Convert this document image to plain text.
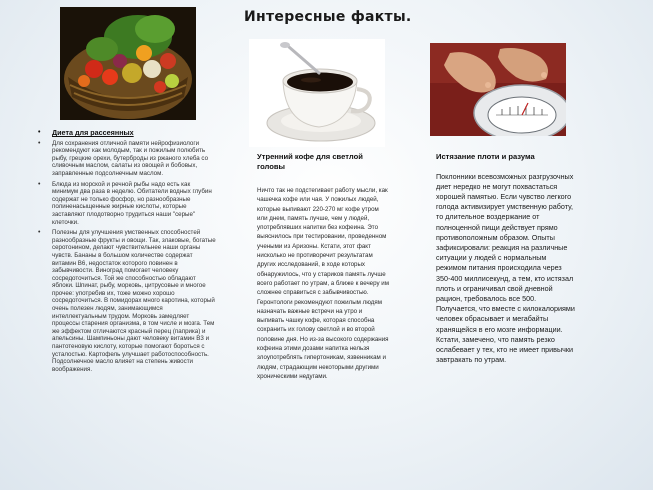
Интересные факты.
• Диета для рассеянных
• Для сохранения отличной памяти нейрофизиологи рекомендуют как молодым, так и пожилым полюбить рыбу, грецкие орехи, бутерброды из ржаного хлеба со сливочным маслом, салаты из овощей и бобовых, заправленные подсолнечным маслом.
• Блюда из морской и речной рыбы надо есть как минимум два раза в неделю. Обитатели водных глубин содержат не только фосфор, но разнообразные полиненасыщенные жирные кислоты, которые заставляют плодотворно трудиться наши "серые" клеточки.
• Полезны для улучшения умственных способностей разнообразные фрукты и овощи. Так, злаковые, богатые серотонином, делают чувствительнее наши органы чувств. Бананы в большом количестве содержат витамин В6, недостаток которого повинен в забывчивости. Виноград помогает человеку сосредоточиться. Той же способностью обладают яблоки. Шпинат, рыбу, морковь, цитрусовые и многое прочее: употребив их, тоже можно хорошо сосредоточиться. В помидорах много каротина, который очень полезен людям, занимающимся интеллектуальным трудом. Морковь замедляет процессы старения организма, в том числе и мозга. Тем же эффектом отличаются красный перец (паприка) и апельсины. Шампиньоны дают человеку витамин В3 и пантотеновую кислоту, которые помогают бороться с усталостью. Картофель улучшает работоспособность. Подсолнечное масло влияет на степень живости воображения.
Утренний кофе для светлой головы
Ничто так не подстегивает работу мысли, как чашечка кофе или чая. У пожилых людей, которые выпивают 220-270 мг кофе утром или днем, память лучше, чем у людей, употреблявших напитки без кофеина. Это выяснилось при тестировании, проведенном учеными из Аризоны. Кстати, этот факт нисколько не противоречит результатам других исследований, в ходе которых обнаружилось, что у стариков память лучше всего работает по утрам, а ближе к вечеру им сложнее справиться с забывчивостью. Геронтологи рекомендуют пожилым людям назначать важные встречи на утро и выпивать чашку кофе, которая способна сохранить их голову светлой и во второй половине дня. Но из-за высокого содержания кофеина этими дозами напитка нельзя злоупотреблять гипертоникам, язвенникам и людям, страдающим некоторыми другими хроническими недугами.
Истязание плоти и разума
Поклонники всевозможных разгрузочных диет нередко не могут похвастаться хорошей памятью. Если чувство легкого голода активизирует умственную работу, то длительное воздержание от полноценной пищи действует прямо противоположным образом. Опыты зафиксировали: реакция на различные ситуации у людей с нормальным режимом питания происходила через 350-400 миллисекунд, а тем, кто истязал плоть и ограничивал свой дневной рацион, требовалось все 500. Получается, что вместе с килокалориями человек обрасывает и мегабайты хранящейся в его мозге информации. Кстати, замечено, что память резко ослабевает у тех, кто не имеет привычки завтракать по утрам.
